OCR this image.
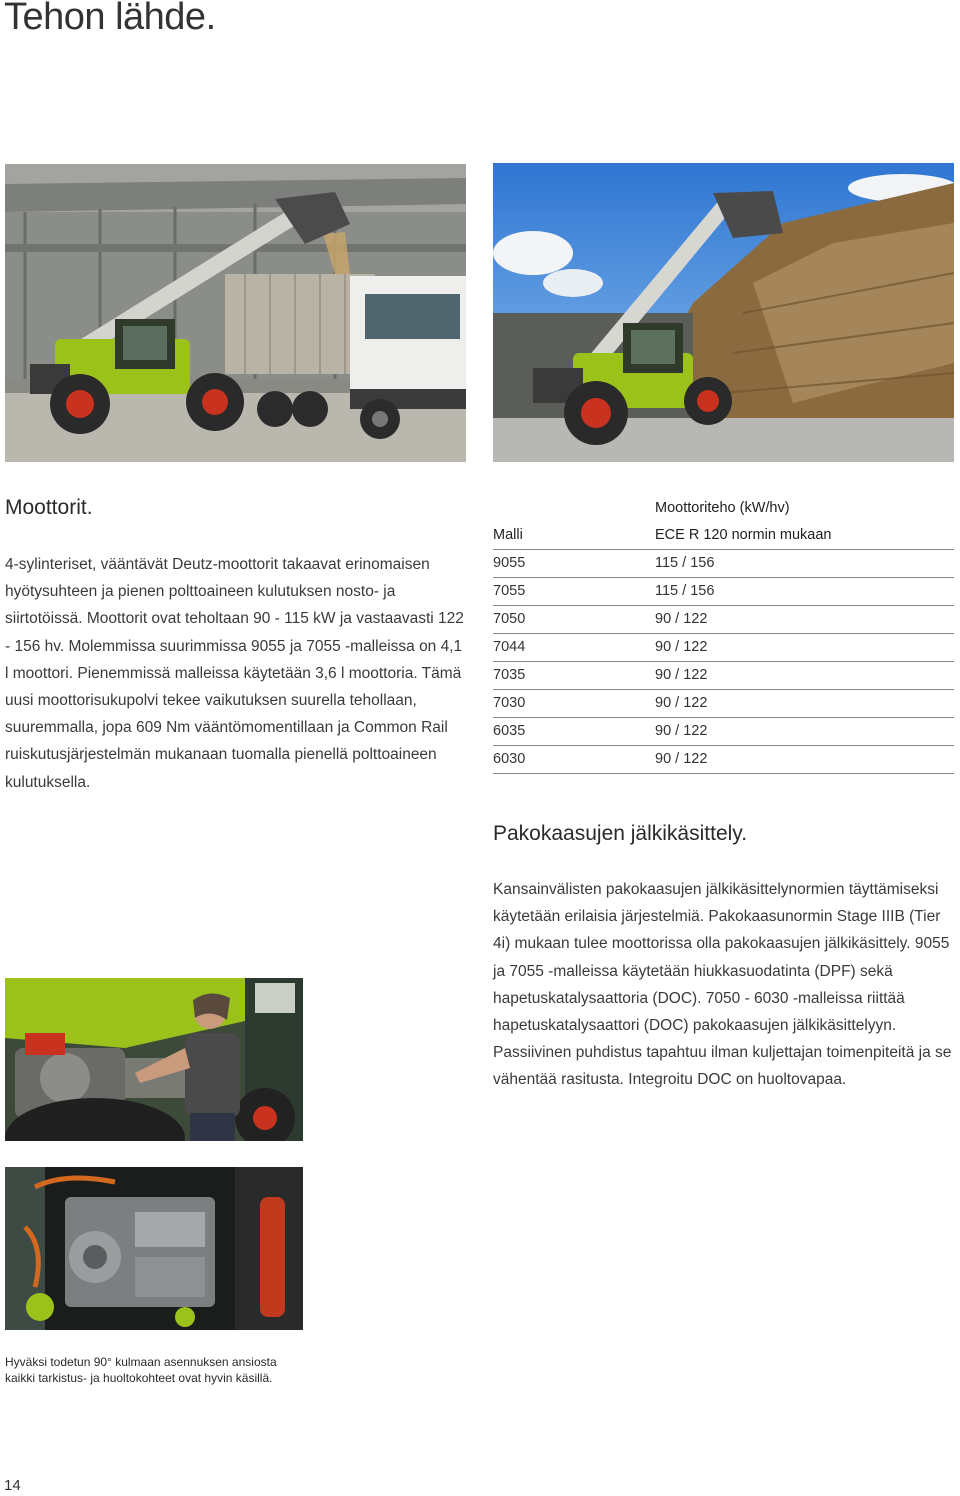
Tehon lähde.
Moottorit.
4-sylinteriset, vääntävät Deutz-moottorit takaavat erinomaisen hyötysuhteen ja pienen polttoaineen kulutuksen nosto- ja siirtotöissä. Moottorit ovat teholtaan 90 - 115 kW ja vastaavasti 122 - 156 hv. Molemmissa suurimmissa 9055 ja 7055 -malleissa on 4,1 l moottori. Pienemmissä malleissa käytetään 3,6 l moottoria. Tämä uusi moottorisukupolvi tekee vaikutuksen suurella tehollaan, suuremmalla, jopa 609 Nm vääntömomentillaan ja Common Rail ruiskutusjärjestelmän mukanaan tuomalla pienellä polttoaineen kulutuksella.
Moottoriteho (kW/hv)
Malli	ECE R 120 normin mukaan
9055	115 / 156
7055	115 / 156
7050	90 / 122
7044	90 / 122
7035	90 / 122
7030	90 / 122
6035	90 / 122
6030	90 / 122
Pakokaasujen jälkikäsittely.
Kansainvälisten pakokaasujen jälkikäsittelynormien täyttämiseksi käytetään erilaisia järjestelmiä. Pakokaasunormin Stage IIIB (Tier 4i) mukaan tulee moottorissa olla pakokaasujen jälkikäsittely. 9055 ja 7055 -malleissa käytetään hiukkasuodatinta (DPF) sekä hapetuskatalysaattoria (DOC). 7050 - 6030 -malleissa riittää hapetuskatalysaattori (DOC) pakokaasujen jälkikäsittelyyn. Passiivinen puhdistus tapahtuu ilman kuljettajan toimenpiteitä ja se vähentää rasitusta. Integroitu DOC on huoltovapaa.
Hyväksi todetun 90° kulmaan asennuksen ansiosta
kaikki tarkistus- ja huoltokohteet ovat hyvin käsillä.
14
